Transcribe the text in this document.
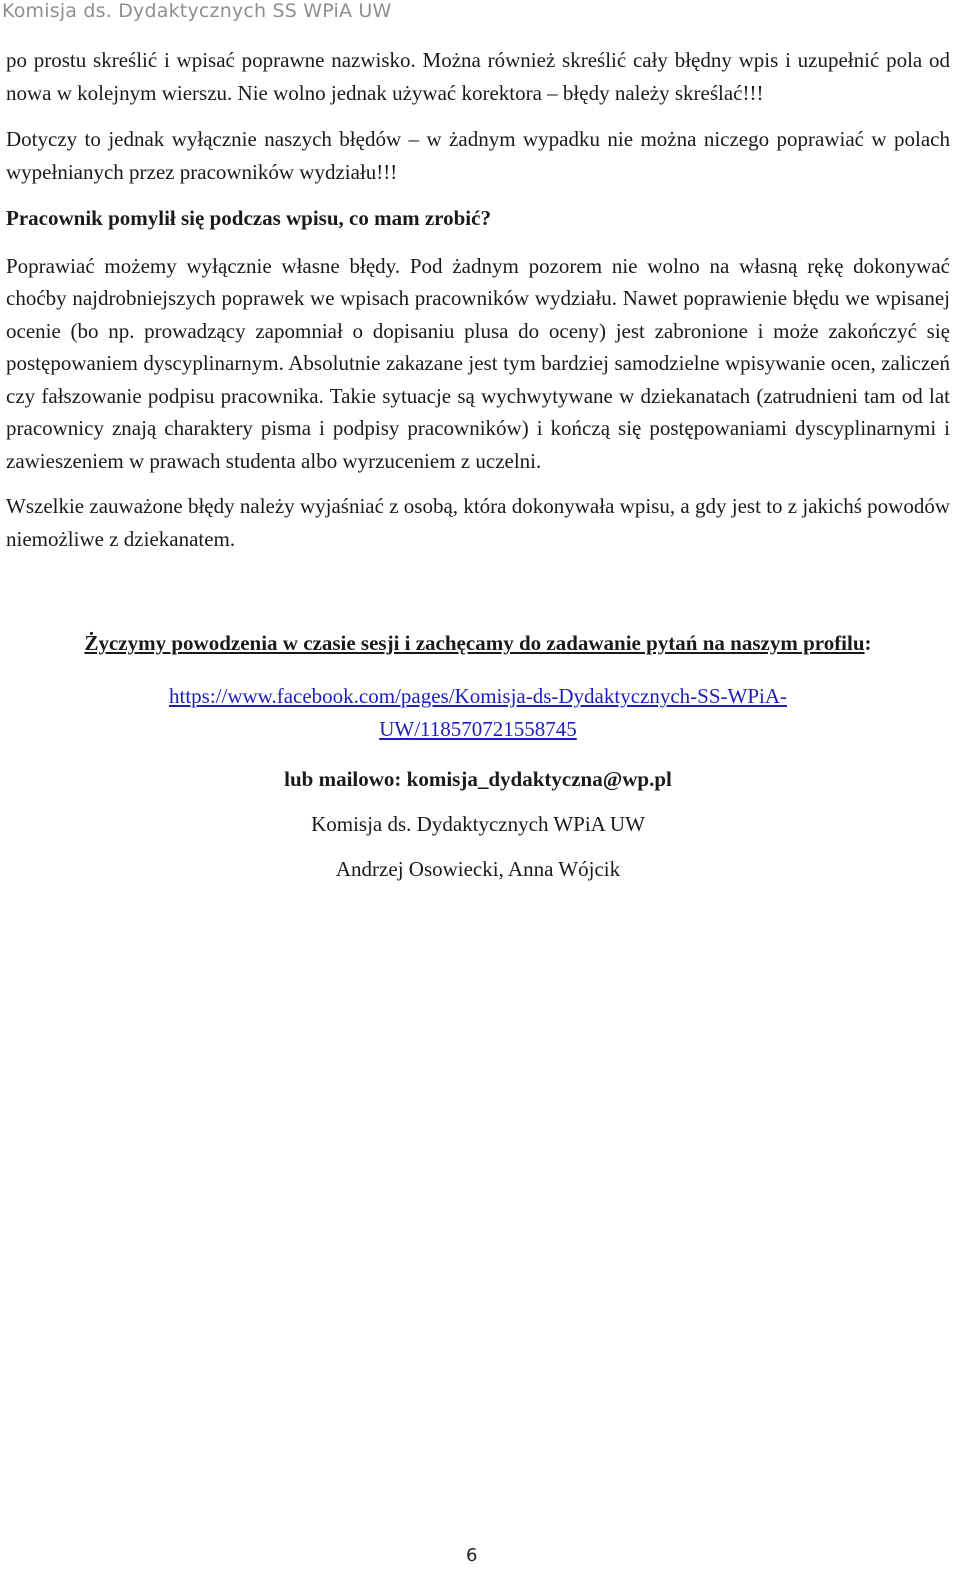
Komisja ds. Dydaktycznych SS WPiA UW

po prostu skreślić i wpisać poprawne nazwisko. Można również skreślić cały błędny wpis i uzupełnić pola od nowa w kolejnym wierszu. Nie wolno jednak używać korektora – błędy należy skreślać!!!

Dotyczy to jednak wyłącznie naszych błędów – w żadnym wypadku nie można niczego poprawiać w polach wypełnianych przez pracowników wydziału!!!

Pracownik pomylił się podczas wpisu, co mam zrobić?

Poprawiać możemy wyłącznie własne błędy. Pod żadnym pozorem nie wolno na własną rękę dokonywać choćby najdrobniejszych poprawek we wpisach pracowników wydziału. Nawet poprawienie błędu we wpisanej ocenie (bo np. prowadzący zapomniał o dopisaniu plusa do oceny) jest zabronione i może zakończyć się postępowaniem dyscyplinarnym. Absolutnie zakazane jest tym bardziej samodzielne wpisywanie ocen, zaliczeń czy fałszowanie podpisu pracownika. Takie sytuacje są wychwytywane w dziekanatach (zatrudnieni tam od lat pracownicy znają charaktery pisma i podpisy pracowników) i kończą się postępowaniami dyscyplinarnymi i zawieszeniem w prawach studenta albo wyrzuceniem z uczelni.

Wszelkie zauważone błędy należy wyjaśniać z osobą, która dokonywała wpisu, a gdy jest to z jakichś powodów niemożliwe z dziekanatem.

Życzymy powodzenia w czasie sesji i zachęcamy do zadawanie pytań na naszym profilu:
https://www.facebook.com/pages/Komisja-ds-Dydaktycznych-SS-WPiA-
UW/118570721558745
lub mailowo: komisja_dydaktyczna@wp.pl
Komisja ds. Dydaktycznych WPiA UW
Andrzej Osowiecki, Anna Wójcik
6
